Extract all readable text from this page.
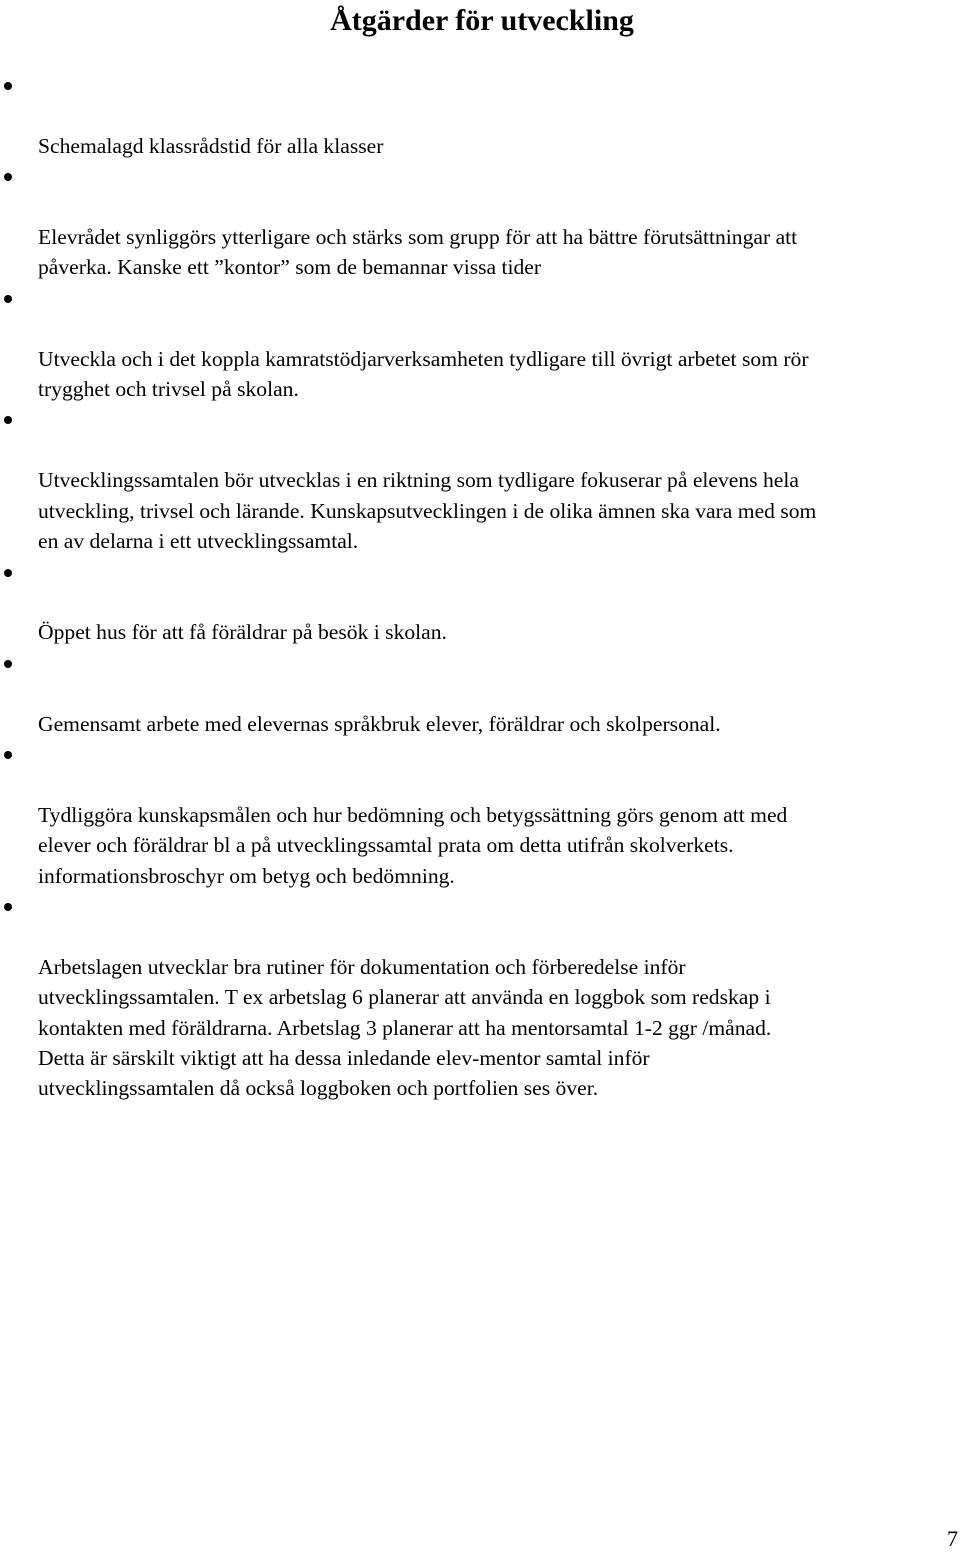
Åtgärder för utveckling

Schemalagd klassrådstid för alla klasser

Elevrådet synliggörs ytterligare och stärks som grupp för att ha bättre förutsättningar att
påverka. Kanske ett ”kontor” som de bemannar vissa tider

Utveckla och i det koppla kamratstödjarverksamheten tydligare till övrigt arbetet som rör
trygghet och trivsel på skolan.

Utvecklingssamtalen bör utvecklas i en riktning som tydligare fokuserar på elevens hela
utveckling, trivsel och lärande. Kunskapsutvecklingen i de olika ämnen ska vara med som
en av delarna i ett utvecklingssamtal.

Öppet hus för att få föräldrar på besök i skolan.

Gemensamt arbete med elevernas språkbruk elever, föräldrar och skolpersonal.

Tydliggöra kunskapsmålen och hur bedömning och betygssättning görs genom att med
elever och föräldrar bl a på utvecklingssamtal prata om detta utifrån skolverkets.
informationsbroschyr om betyg och bedömning.

Arbetslagen utvecklar bra rutiner för dokumentation och förberedelse inför
utvecklingssamtalen. T ex arbetslag 6 planerar att använda en loggbok som redskap i
kontakten med föräldrarna. Arbetslag 3 planerar att ha mentorsamtal 1-2 ggr /månad.
Detta är särskilt viktigt att ha dessa inledande elev-mentor samtal inför
utvecklingssamtalen då också loggboken och portfolien ses över.

7
